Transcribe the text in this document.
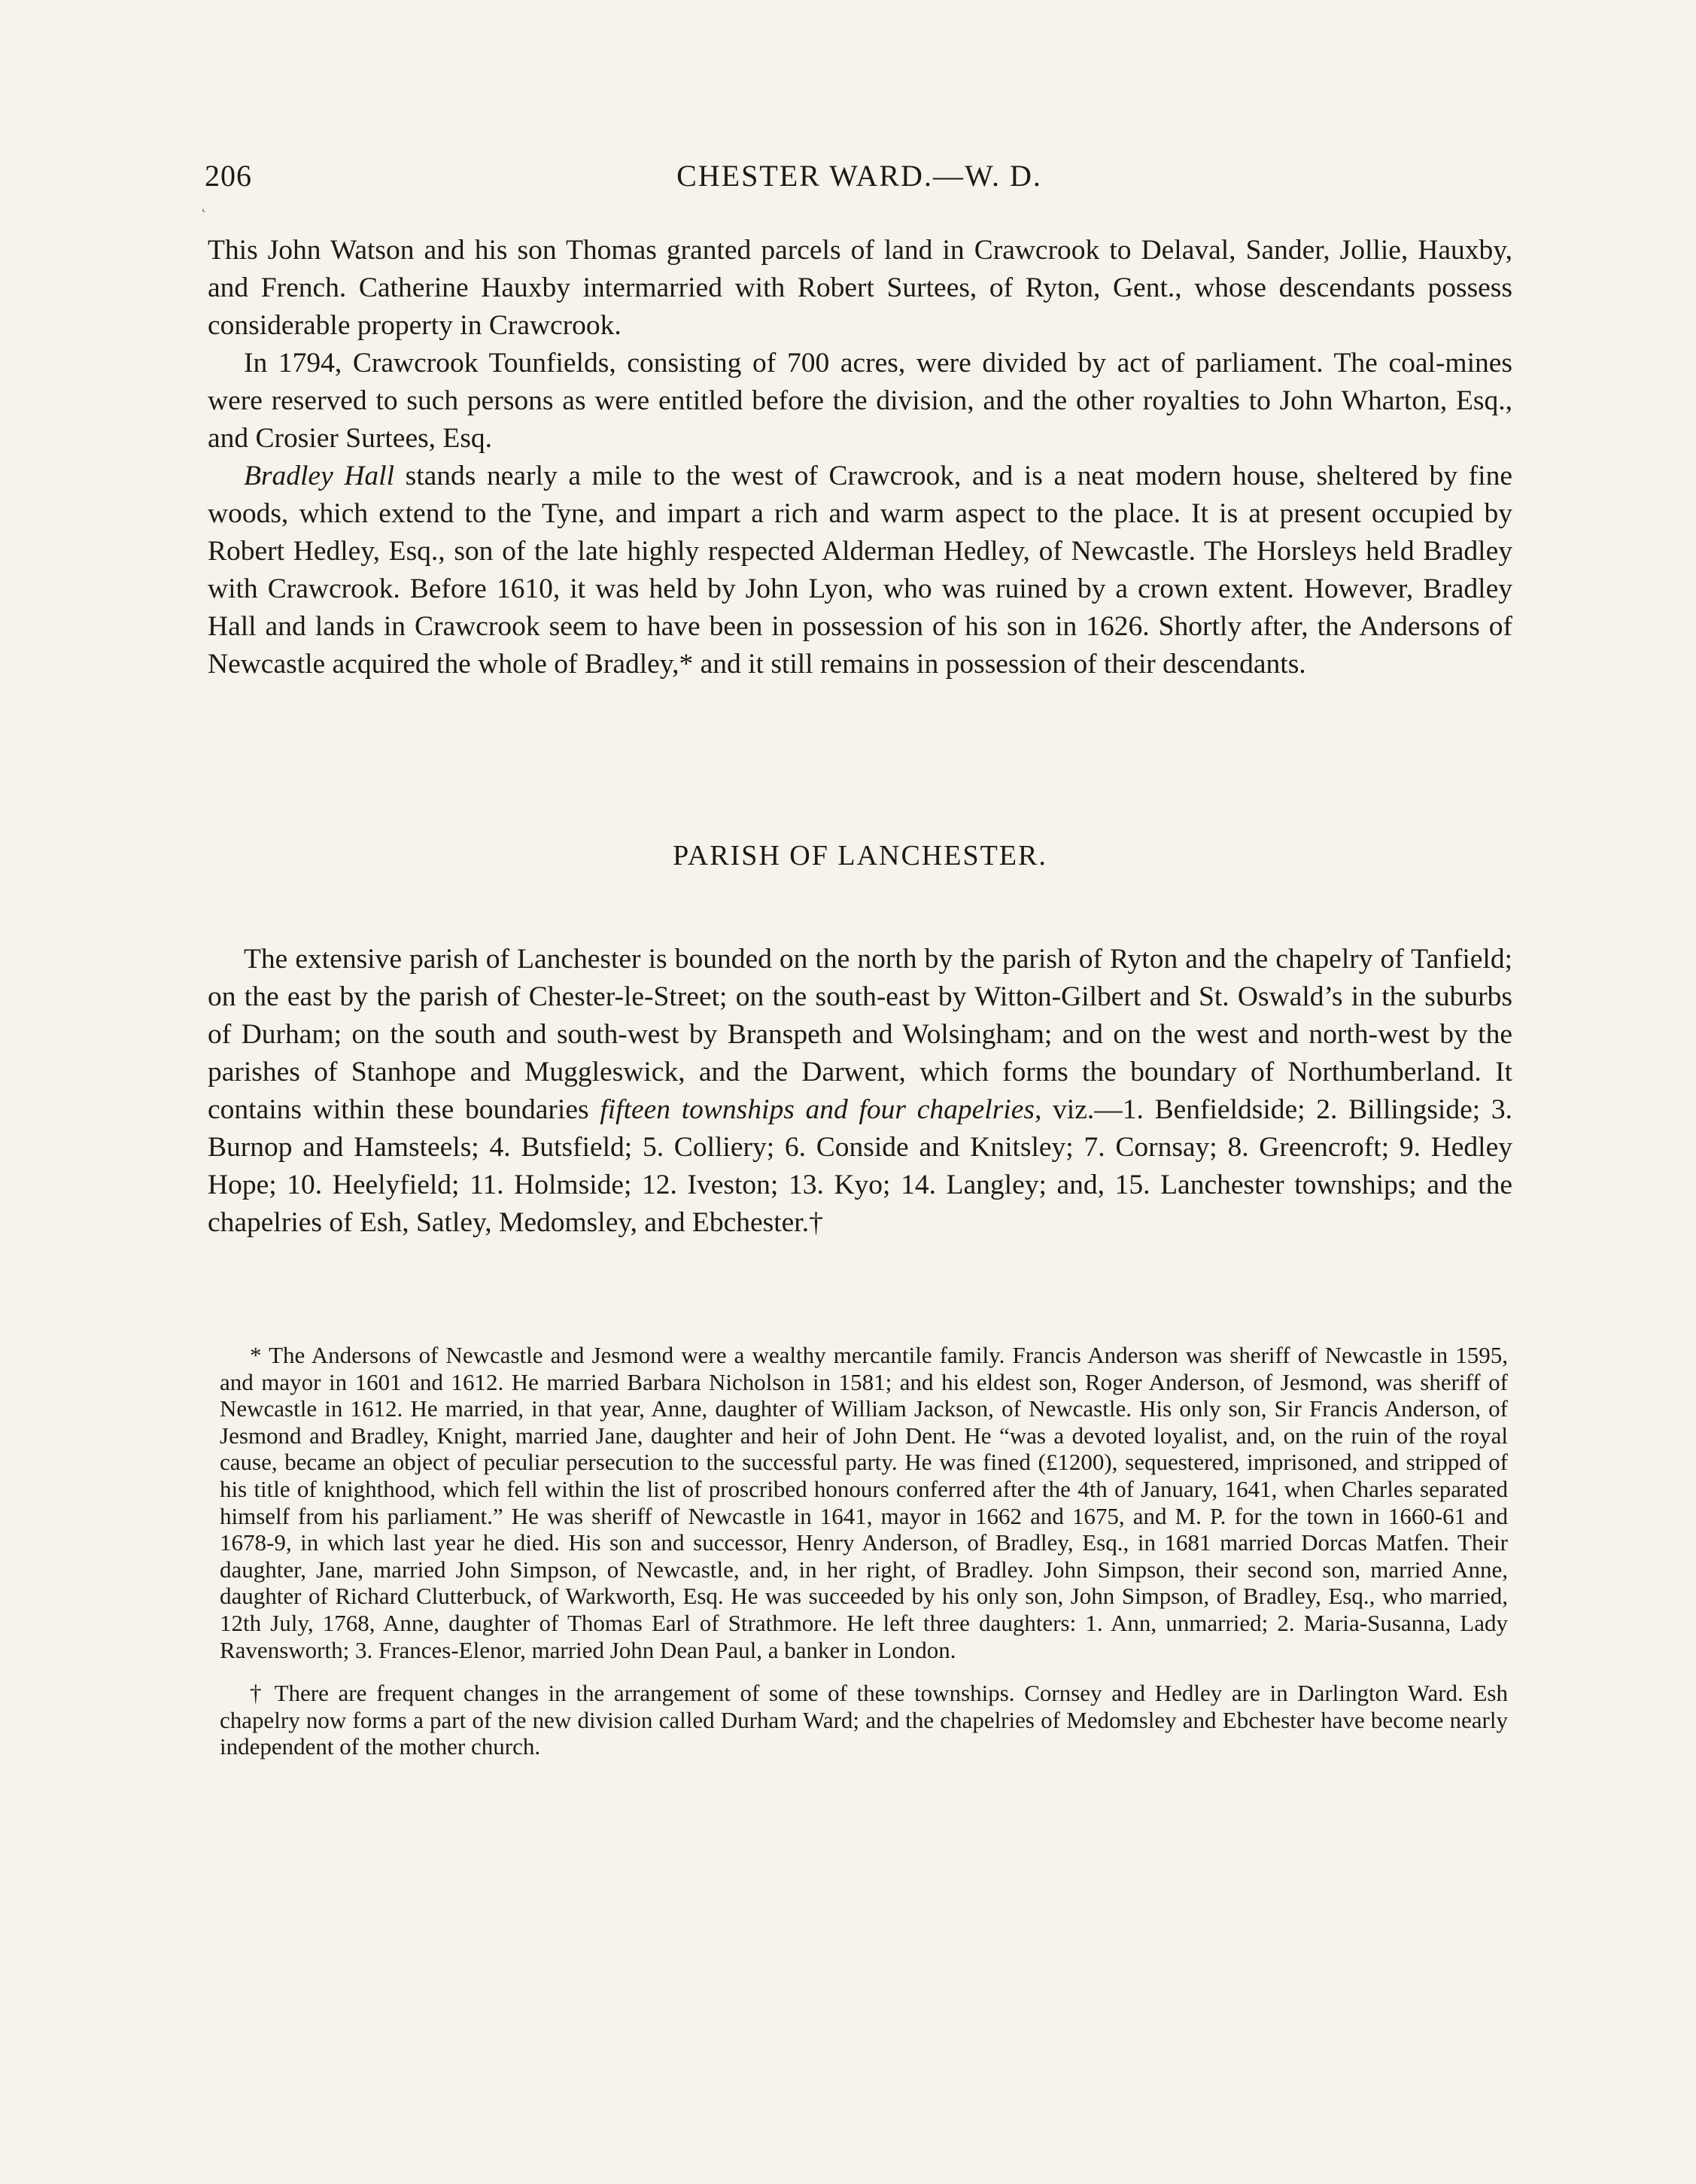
206	CHESTER WARD.—W. D.

This John Watson and his son Thomas granted parcels of land in Crawcrook to Delaval, Sander, Jollie, Hauxby, and French. Catherine Hauxby intermarried with Robert Surtees, of Ryton, Gent., whose descendants possess considerable property in Crawcrook.

In 1794, Crawcrook Tounfields, consisting of 700 acres, were divided by act of parliament. The coal-mines were reserved to such persons as were entitled before the division, and the other royalties to John Wharton, Esq., and Crosier Surtees, Esq.

Bradley Hall stands nearly a mile to the west of Crawcrook, and is a neat modern house, sheltered by fine woods, which extend to the Tyne, and impart a rich and warm aspect to the place. It is at present occupied by Robert Hedley, Esq., son of the late highly respected Alderman Hedley, of Newcastle. The Horsleys held Bradley with Crawcrook. Before 1610, it was held by John Lyon, who was ruined by a crown extent. However, Bradley Hall and lands in Crawcrook seem to have been in possession of his son in 1626. Shortly after, the Andersons of Newcastle acquired the whole of Bradley,* and it still remains in possession of their descendants.

PARISH OF LANCHESTER.

The extensive parish of Lanchester is bounded on the north by the parish of Ryton and the chapelry of Tanfield; on the east by the parish of Chester-le-Street; on the south-east by Witton-Gilbert and St. Oswald’s in the suburbs of Durham; on the south and south-west by Branspeth and Wolsingham; and on the west and north-west by the parishes of Stanhope and Muggleswick, and the Darwent, which forms the boundary of Northumberland. It contains within these boundaries fifteen townships and four chapelries, viz.—1. Benfieldside; 2. Billingside; 3. Burnop and Hamsteels; 4. Butsfield; 5. Colliery; 6. Conside and Knitsley; 7. Cornsay; 8. Greencroft; 9. Hedley Hope; 10. Heelyfield; 11. Holmside; 12. Iveston; 13. Kyo; 14. Langley; and, 15. Lanchester townships; and the chapelries of Esh, Satley, Medomsley, and Ebchester.†

* The Andersons of Newcastle and Jesmond were a wealthy mercantile family. Francis Anderson was sheriff of Newcastle in 1595, and mayor in 1601 and 1612. He married Barbara Nicholson in 1581; and his eldest son, Roger Anderson, of Jesmond, was sheriff of Newcastle in 1612. He married, in that year, Anne, daughter of William Jackson, of Newcastle. His only son, Sir Francis Anderson, of Jesmond and Bradley, Knight, married Jane, daughter and heir of John Dent. He “was a devoted loyalist, and, on the ruin of the royal cause, became an object of peculiar persecution to the successful party. He was fined (£1200), sequestered, imprisoned, and stripped of his title of knighthood, which fell within the list of proscribed honours conferred after the 4th of January, 1641, when Charles separated himself from his parliament.” He was sheriff of Newcastle in 1641, mayor in 1662 and 1675, and M. P. for the town in 1660-61 and 1678-9, in which last year he died. His son and successor, Henry Anderson, of Bradley, Esq., in 1681 married Dorcas Matfen. Their daughter, Jane, married John Simpson, of Newcastle, and, in her right, of Bradley. John Simpson, their second son, married Anne, daughter of Richard Clutterbuck, of Warkworth, Esq. He was succeeded by his only son, John Simpson, of Bradley, Esq., who married, 12th July, 1768, Anne, daughter of Thomas Earl of Strathmore. He left three daughters: 1. Ann, unmarried; 2. Maria-Susanna, Lady Ravensworth; 3. Frances-Elenor, married John Dean Paul, a banker in London.

† There are frequent changes in the arrangement of some of these townships. Cornsey and Hedley are in Darlington Ward. Esh chapelry now forms a part of the new division called Durham Ward; and the chapelries of Medomsley and Ebchester have become nearly independent of the mother church.

˛
